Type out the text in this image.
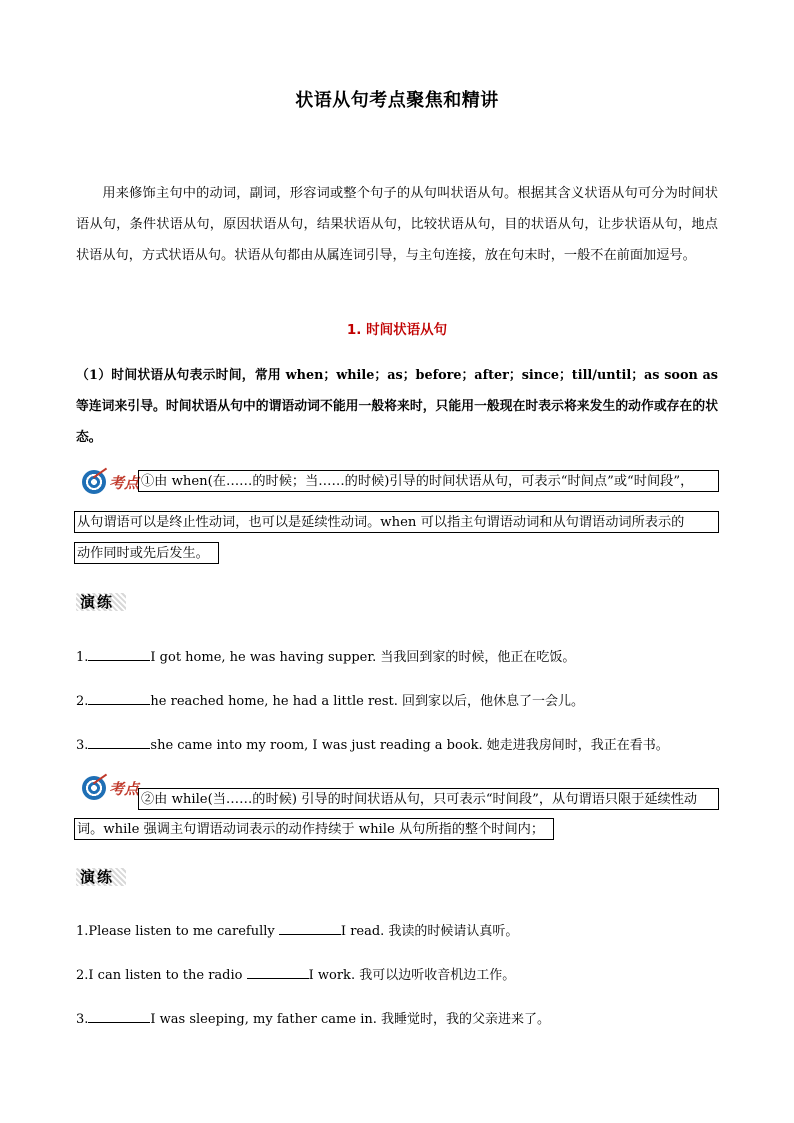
状语从句考点聚焦和精讲
用来修饰主句中的动词，副词，形容词或整个句子的从句叫状语从句。根据其含义状语从句可分为时间状语从句，条件状语从句，原因状语从句，结果状语从句，比较状语从句，目的状语从句，让步状语从句，地点状语从句，方式状语从句。状语从句都由从属连词引导，与主句连接，放在句末时，一般不在前面加逗号。
1. 时间状语从句
（1）时间状语从句表示时间，常用 when；while；as；before；after；since；till/until；as soon as 等连词来引导。时间状语从句中的谓语动词不能用一般将来时，只能用一般现在时表示将来发生的动作或存在的状态。
考点 ①由 when(在……的时候；当……的时候)引导的时间状语从句，可表示“时间点”或“时间段”，
从句谓语可以是终止性动词，也可以是延续性动词。when 可以指主句谓语动词和从句谓语动词所表示的
动作同时或先后发生。
演练
1.	I got home, he was having supper. 当我回到家的时候，他正在吃饭。
2.	he reached home, he had a little rest. 回到家以后，他休息了一会儿。
3.	she came into my room, I was just reading a book. 她走进我房间时，我正在看书。
考点
②由 while(当……的时候) 引导的时间状语从句，只可表示“时间段”，从句谓语只限于延续性动
词。while 强调主句谓语动词表示的动作持续于 while 从句所指的整个时间内；
演练
1.Please listen to me carefully	I read. 我读的时候请认真听。
2.I can listen to the radio	I work. 我可以边听收音机边工作。
3.	I was sleeping, my father came in. 我睡觉时，我的父亲进来了。
